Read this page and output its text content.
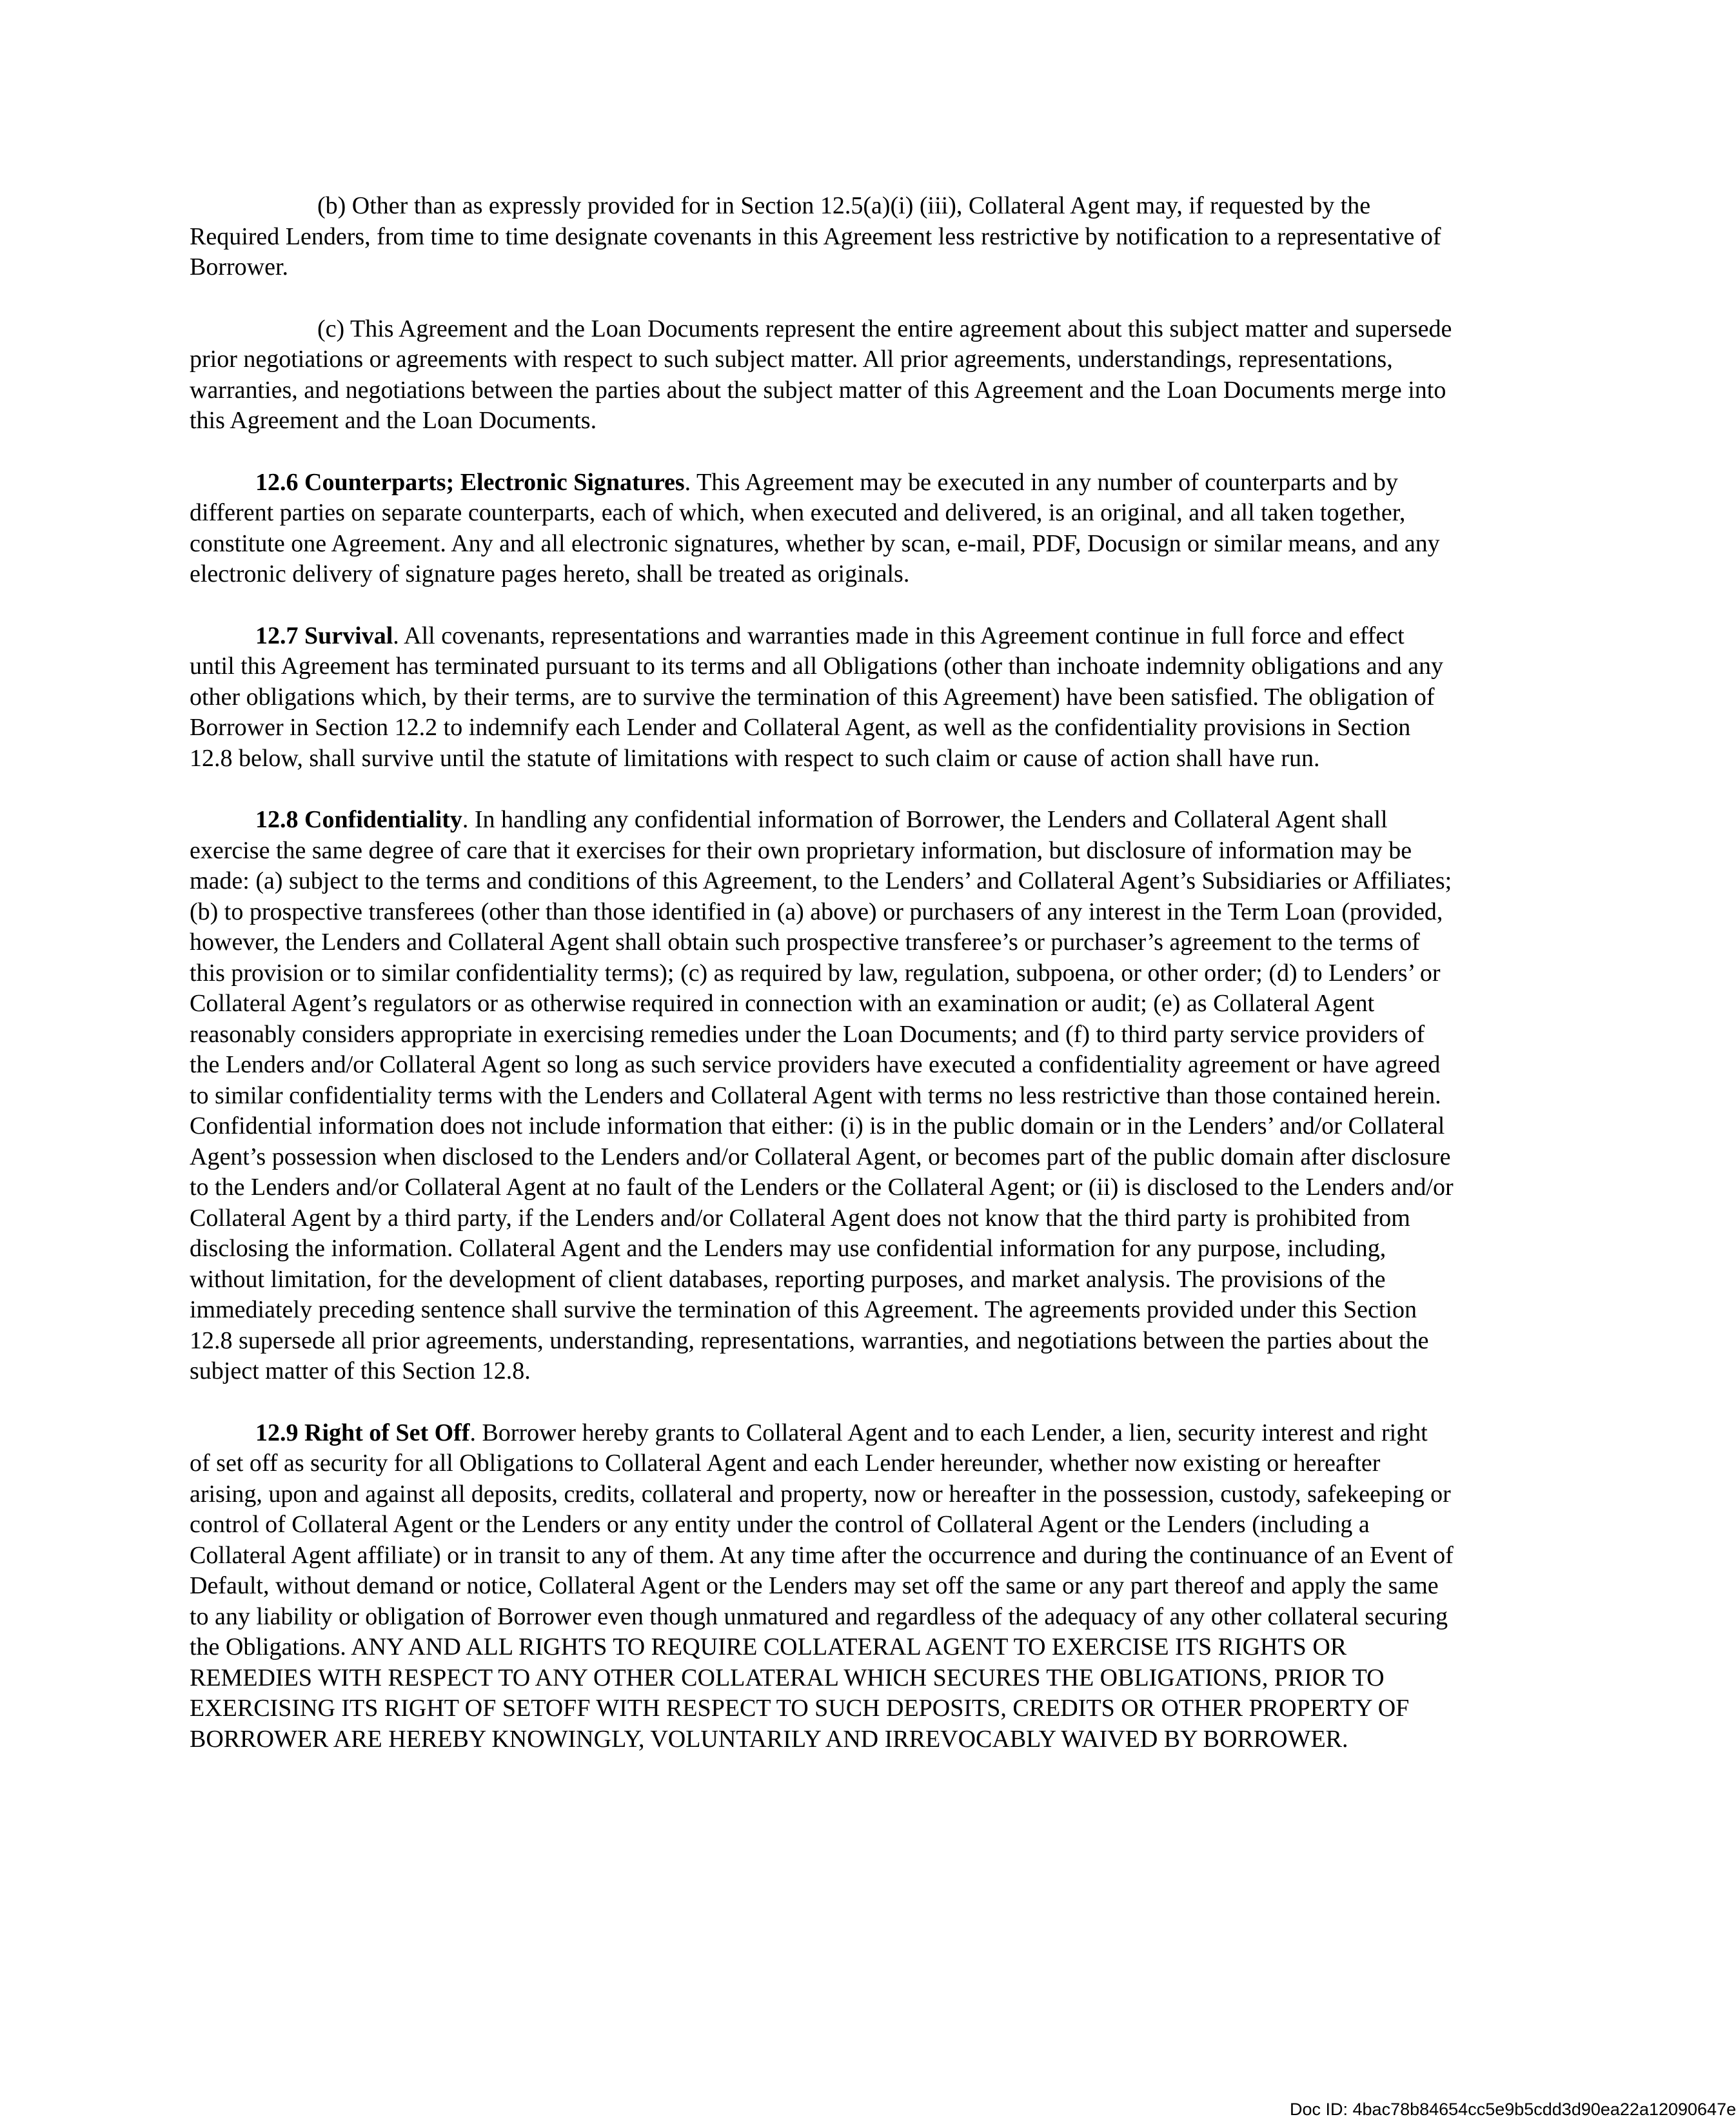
(b) Other than as expressly provided for in Section 12.5(a)(i) (iii), Collateral Agent may, if requested by the Required Lenders, from time to time designate covenants in this Agreement less restrictive by notification to a representative of Borrower.

(c) This Agreement and the Loan Documents represent the entire agreement about this subject matter and supersede prior negotiations or agreements with respect to such subject matter. All prior agreements, understandings, representations, warranties, and negotiations between the parties about the subject matter of this Agreement and the Loan Documents merge into this Agreement and the Loan Documents.

12.6 Counterparts; Electronic Signatures. This Agreement may be executed in any number of counterparts and by different parties on separate counterparts, each of which, when executed and delivered, is an original, and all taken together, constitute one Agreement. Any and all electronic signatures, whether by scan, e-mail, PDF, Docusign or similar means, and any electronic delivery of signature pages hereto, shall be treated as originals.

12.7 Survival. All covenants, representations and warranties made in this Agreement continue in full force and effect until this Agreement has terminated pursuant to its terms and all Obligations (other than inchoate indemnity obligations and any other obligations which, by their terms, are to survive the termination of this Agreement) have been satisfied. The obligation of Borrower in Section 12.2 to indemnify each Lender and Collateral Agent, as well as the confidentiality provisions in Section 12.8 below, shall survive until the statute of limitations with respect to such claim or cause of action shall have run.

12.8 Confidentiality. In handling any confidential information of Borrower, the Lenders and Collateral Agent shall exercise the same degree of care that it exercises for their own proprietary information, but disclosure of information may be made: (a) subject to the terms and conditions of this Agreement, to the Lenders’ and Collateral Agent’s Subsidiaries or Affiliates; (b) to prospective transferees (other than those identified in (a) above) or purchasers of any interest in the Term Loan (provided, however, the Lenders and Collateral Agent shall obtain such prospective transferee’s or purchaser’s agreement to the terms of this provision or to similar confidentiality terms); (c) as required by law, regulation, subpoena, or other order; (d) to Lenders’ or Collateral Agent’s regulators or as otherwise required in connection with an examination or audit; (e) as Collateral Agent reasonably considers appropriate in exercising remedies under the Loan Documents; and (f) to third party service providers of the Lenders and/or Collateral Agent so long as such service providers have executed a confidentiality agreement or have agreed to similar confidentiality terms with the Lenders and Collateral Agent with terms no less restrictive than those contained herein. Confidential information does not include information that either: (i) is in the public domain or in the Lenders’ and/or Collateral Agent’s possession when disclosed to the Lenders and/or Collateral Agent, or becomes part of the public domain after disclosure to the Lenders and/or Collateral Agent at no fault of the Lenders or the Collateral Agent; or (ii) is disclosed to the Lenders and/or Collateral Agent by a third party, if the Lenders and/or Collateral Agent does not know that the third party is prohibited from disclosing the information. Collateral Agent and the Lenders may use confidential information for any purpose, including, without limitation, for the development of client databases, reporting purposes, and market analysis. The provisions of the immediately preceding sentence shall survive the termination of this Agreement. The agreements provided under this Section 12.8 supersede all prior agreements, understanding, representations, warranties, and negotiations between the parties about the subject matter of this Section 12.8.

12.9 Right of Set Off. Borrower hereby grants to Collateral Agent and to each Lender, a lien, security interest and right of set off as security for all Obligations to Collateral Agent and each Lender hereunder, whether now existing or hereafter arising, upon and against all deposits, credits, collateral and property, now or hereafter in the possession, custody, safekeeping or control of Collateral Agent or the Lenders or any entity under the control of Collateral Agent or the Lenders (including a Collateral Agent affiliate) or in transit to any of them. At any time after the occurrence and during the continuance of an Event of Default, without demand or notice, Collateral Agent or the Lenders may set off the same or any part thereof and apply the same to any liability or obligation of Borrower even though unmatured and regardless of the adequacy of any other collateral securing the Obligations. ANY AND ALL RIGHTS TO REQUIRE COLLATERAL AGENT TO EXERCISE ITS RIGHTS OR REMEDIES WITH RESPECT TO ANY OTHER COLLATERAL WHICH SECURES THE OBLIGATIONS, PRIOR TO EXERCISING ITS RIGHT OF SETOFF WITH RESPECT TO SUCH DEPOSITS, CREDITS OR OTHER PROPERTY OF BORROWER ARE HEREBY KNOWINGLY, VOLUNTARILY AND IRREVOCABLY WAIVED BY BORROWER.

Doc ID: 4bac78b84654cc5e9b5cdd3d90ea22a12090647e
